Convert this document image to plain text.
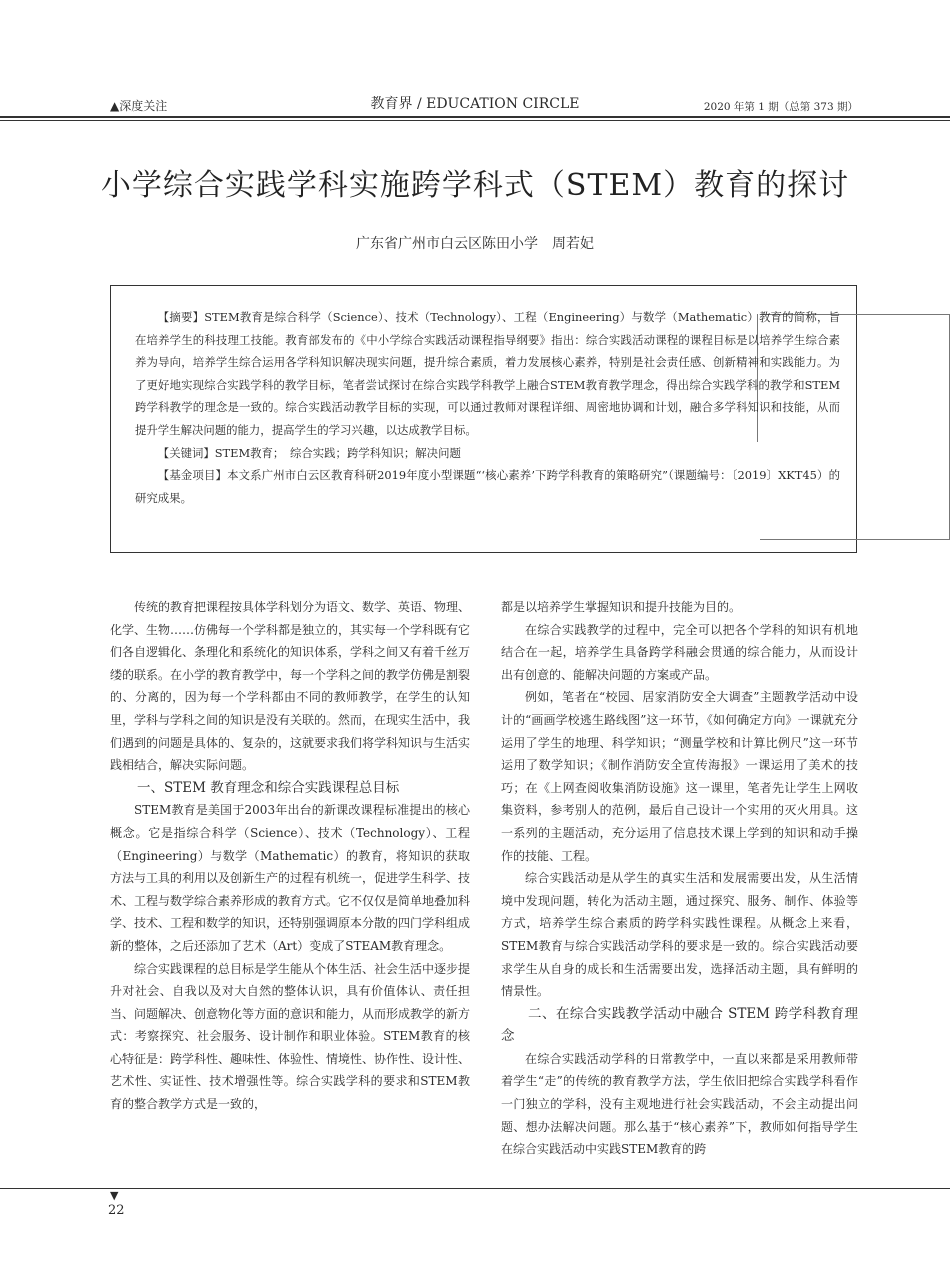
▲深度关注	教育界 / EDUCATION CIRCLE	2020 年第 1 期（总第 373 期）
小学综合实践学科实施跨学科式（STEM）教育的探讨
广东省广州市白云区陈田小学　周若妃

【摘要】STEM教育是综合科学（Science）、技术（Technology）、工程（Engineering）与数学（Mathematic）教育的简称，旨在培养学生的科技理工技能。教育部发布的《中小学综合实践活动课程指导纲要》指出：综合实践活动课程的课程目标是以培养学生综合素养为导向，培养学生综合运用各学科知识解决现实问题，提升综合素质，着力发展核心素养，特别是社会责任感、创新精神和实践能力。为了更好地实现综合实践学科的教学目标，笔者尝试探讨在综合实践学科教学上融合STEM教育教学理念，得出综合实践学科的教学和STEM跨学科教学的理念是一致的。综合实践活动教学目标的实现，可以通过教师对课程详细、周密地协调和计划，融合多学科知识和技能，从而提升学生解决问题的能力，提高学生的学习兴趣，以达成教学目标。

【关键词】STEM教育；　综合实践；跨学科知识；解决问题

【基金项目】本文系广州市白云区教育科研2019年度小型课题“‘核心素养’下跨学科教育的策略研究”（课题编号：〔2019〕XKT45）的研究成果。

传统的教育把课程按具体学科划分为语文、数学、英语、物理、化学、生物……仿佛每一个学科都是独立的，其实每一个学科既有它们各自逻辑化、条理化和系统化的知识体系，学科之间又有着千丝万缕的联系。在小学的教育教学中，每一个学科之间的教学仿佛是割裂的、分离的，因为每一个学科都由不同的教师教学，在学生的认知里，学科与学科之间的知识是没有关联的。然而，在现实生活中，我们遇到的问题是具体的、复杂的，这就要求我们将学科知识与生活实践相结合，解决实际问题。

一、STEM 教育理念和综合实践课程总目标

STEM教育是美国于2003年出台的新课改课程标准提出的核心概念。它是指综合科学（Science）、技术（Technology）、工程（Engineering）与数学（Mathematic）的教育，将知识的获取方法与工具的利用以及创新生产的过程有机统一，促进学生科学、技术、工程与数学综合素养形成的教育方式。它不仅仅是简单地叠加科学、技术、工程和数学的知识，还特别强调原本分散的四门学科组成新的整体，之后还添加了艺术（Art）变成了STEAM教育理念。

综合实践课程的总目标是学生能从个体生活、社会生活中逐步提升对社会、自我以及对大自然的整体认识，具有价值体认、责任担当、问题解决、创意物化等方面的意识和能力，从而形成教学的新方式：考察探究、社会服务、设计制作和职业体验。STEM教育的核心特征是：跨学科性、趣味性、体验性、情境性、协作性、设计性、艺术性、实证性、技术增强性等。综合实践学科的要求和STEM教育的整合教学方式是一致的，

都是以培养学生掌握知识和提升技能为目的。

在综合实践教学的过程中，完全可以把各个学科的知识有机地结合在一起，培养学生具备跨学科融会贯通的综合能力，从而设计出有创意的、能解决问题的方案或产品。

例如，笔者在“校园、居家消防安全大调查”主题教学活动中设计的“画画学校逃生路线图”这一环节，《如何确定方向》一课就充分运用了学生的地理、科学知识；“测量学校和计算比例尺”这一环节运用了数学知识；《制作消防安全宣传海报》一课运用了美术的技巧；在《上网查阅收集消防设施》这一课里，笔者先让学生上网收集资料，参考别人的范例，最后自己设计一个实用的灭火用具。这一系列的主题活动，充分运用了信息技术课上学到的知识和动手操作的技能、工程。

综合实践活动是从学生的真实生活和发展需要出发，从生活情境中发现问题，转化为活动主题，通过探究、服务、制作、体验等方式，培养学生综合素质的跨学科实践性课程。从概念上来看，STEM教育与综合实践活动学科的要求是一致的。综合实践活动要求学生从自身的成长和生活需要出发，选择活动主题，具有鲜明的情景性。

二、在综合实践教学活动中融合 STEM 跨学科教育理念

在综合实践活动学科的日常教学中，一直以来都是采用教师带着学生“走”的传统的教育教学方法，学生依旧把综合实践学科看作一门独立的学科，没有主观地进行社会实践活动，不会主动提出问题、想办法解决问题。那么基于“核心素养”下，教师如何指导学生在综合实践活动中实践STEM教育的跨

▼
22
